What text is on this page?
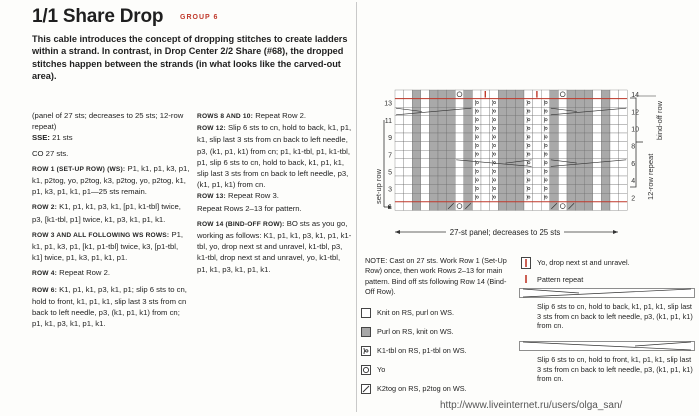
1/1 Share Drop GROUP 6
This cable introduces the concept of dropping stitches to create ladders within a strand. In contrast, in Drop Center 2/2 Share (#68), the dropped stitches happen between the strands (in what looks like the carved-out area).

(panel of 27 sts; decreases to 25 sts; 12-row repeat)

SSE: 21 sts

CO 27 sts.

ROW 1 (SET-UP ROW) (WS): P1, k1, p1, k3, p1, k1, p2tog, yo, p2tog, k3, p2tog, yo, p2tog, k1, p1, k3, p1, k1, p1—25 sts remain.

ROW 2: K1, p1, k1, p3, k1, [p1, k1-tbl] twice, p3, [k1-tbl, p1] twice, k1, p3, k1, p1, k1.

ROW 3 AND ALL FOLLOWING WS ROWS: P1, k1, p1, k3, p1, [k1, p1-tbl] twice, k3, [p1-tbl, k1] twice, p1, k3, p1, k1, p1.

ROW 4: Repeat Row 2.

ROW 6: K1, p1, k1, p3, k1, p1; slip 6 sts to cn, hold to front, k1, p1, k1, slip last 3 sts from cn back to left needle, p3, (k1, p1, k1) from cn; p1, k1, p3, k1, p1, k1.

ROWS 8 AND 10: Repeat Row 2.

ROW 12: Slip 6 sts to cn, hold to back, k1, p1, k1, slip last 3 sts from cn back to left needle, p3, (k1, p1, k1) from cn; p1, k1-tbl, p1, k1-tbl, p1, slip 6 sts to cn, hold to back, k1, p1, k1, slip last 3 sts from cn back to left needle, p3, (k1, p1, k1) from cn.

ROW 13: Repeat Row 3.

Repeat Rows 2–13 for pattern.

ROW 14 (BIND-OFF ROW): BO sts as you go, working as follows: K1, p1, k1, p3, k1, p1, k1-tbl, yo, drop next st and unravel, k1-tbl, p3, k1-tbl, drop next st and unravel, yo, k1-tbl, p1, k1, p3, k1, p1, k1.

14
12
10
8
6
4
2
13
11
9
7
5
3
set-up row	12-row repeat
bind-off row
27-st panel; decreases to 25 sts
NOTE: Cast on 27 sts. Work Row 1 (Set-Up Row) once, then work Rows 2–13 for main pattern. Bind off sts following Row 14 (Bind-Off Row).
Knit on RS, purl on WS.
Purl on RS, knit on WS.
K1-tbl on RS, p1-tbl on WS.
Yo
K2tog on RS, p2tog on WS.
Yo, drop next st and unravel.
Pattern repeat
Slip 6 sts to cn, hold to back, k1, p1, k1, slip last 3 sts from cn back to left needle, p3, (k1, p1, k1) from cn.
Slip 6 sts to cn, hold to front, k1, p1, k1, slip last 3 sts from cn back to left needle, p3, (k1, p1, k1) from cn.
http://www.liveinternet.ru/users/olga_san/
